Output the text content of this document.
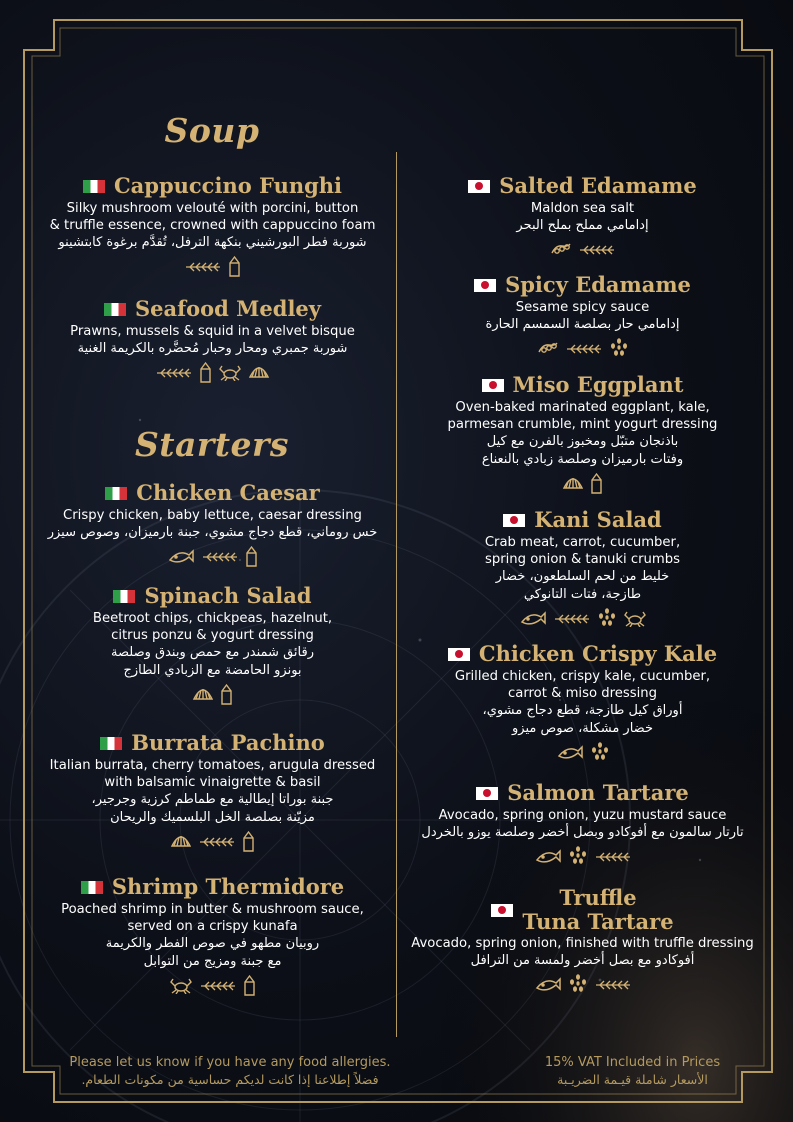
Soup
Starters
Cappuccino Funghi
Silky mushroom velouté with porcini, button
& truffle essence, crowned with cappuccino foam
شوربة فطر البورشيني بنكهة الترفل، تُقدَّم برغوة كابتشينو
Seafood Medley
Prawns, mussels & squid in a velvet bisque
شوربة جمبري ومحار وحبار مُحضَّره بالكريمة الغنية
Chicken Caesar
Crispy chicken, baby lettuce, caesar dressing
خس روماني، قطع دجاج مشوي، جبنة بارميزان، وصوص سيزر
Spinach Salad
Beetroot chips, chickpeas, hazelnut,
citrus ponzu & yogurt dressing
رقائق شمندر مع حمص وبندق وصلصة
بونزو الحامضة مع الزبادي الطازج
Burrata Pachino
Italian burrata, cherry tomatoes, arugula dressed
with balsamic vinaigrette & basil
جبنة بوراتا إيطالية مع طماطم كرزية وجرجير،
مزيّنة بصلصة الخل البلسميك والريحان
Shrimp Thermidore
Poached shrimp in butter & mushroom sauce,
served on a crispy kunafa
روبيان مطهو في صوص الفطر والكريمة
مع جبنة ومزيج من التوابل
Salted Edamame
Maldon sea salt
إدامامي مملح بملح البحر
Spicy Edamame
Sesame spicy sauce
إدامامي حار بصلصة السمسم الحارة
Miso Eggplant
Oven-baked marinated eggplant, kale,
parmesan crumble, mint yogurt dressing
باذنجان متبّل ومخبوز بالفرن مع كيل
وفتات بارميزان وصلصة زبادي بالنعناع
Kani Salad
Crab meat, carrot, cucumber,
spring onion & tanuki crumbs
خليط من لحم السلطعون، خضار
طازجة، فتات التانوكي
Chicken Crispy Kale
Grilled chicken, crispy kale, cucumber,
carrot & miso dressing
أوراق كيل طازجة، قطع دجاج مشوي،
خضار مشكلة، صوص ميزو
Salmon Tartare
Avocado, spring onion, yuzu mustard sauce
تارتار سالمون مع أفوكادو وبصل أخضر وصلصة يوزو بالخردل
Truffle
Tuna Tartare
Avocado, spring onion, finished with truffle dressing
أفوكادو مع بصل أخضر ولمسة من الترافل
Please let us know if you have any food allergies.
فضلاً إطلاعنا إذا كانت لديكم حساسية من مكونات الطعام.
15% VAT Included in Prices
الأسعار شاملة قيـمة الضريـبة
